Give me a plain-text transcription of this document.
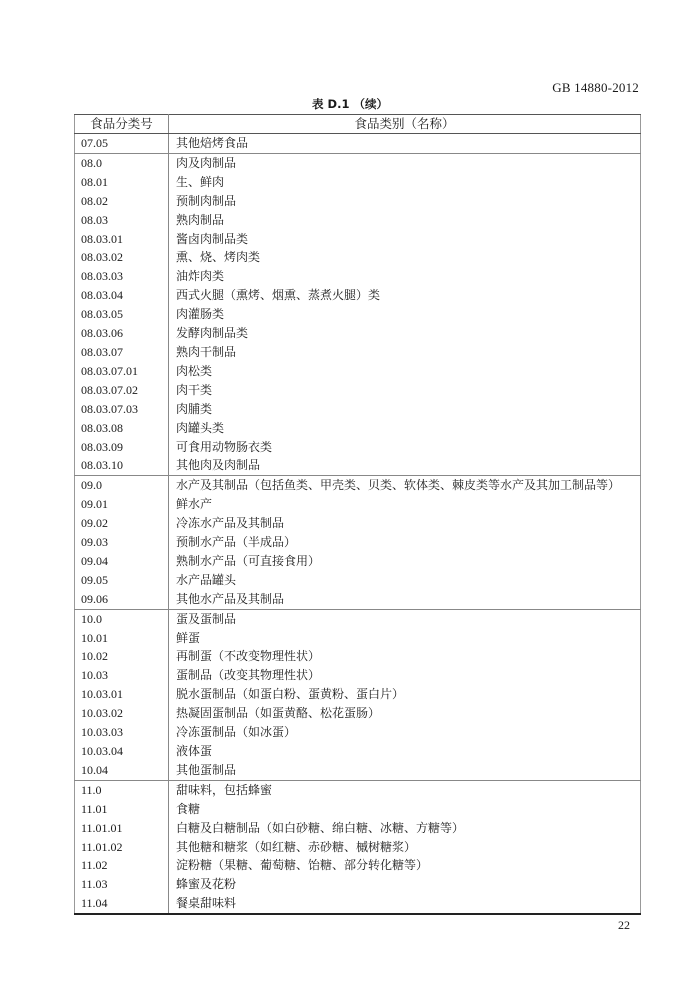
GB 14880-2012
表 D.1 （续）
食品分类号	食品类别（名称）
07.05	其他焙烤食品
08.0	肉及肉制品
08.01	生、鲜肉
08.02	预制肉制品
08.03	熟肉制品
08.03.01	酱卤肉制品类
08.03.02	熏、烧、烤肉类
08.03.03	油炸肉类
08.03.04	西式火腿（熏烤、烟熏、蒸煮火腿）类
08.03.05	肉灌肠类
08.03.06	发酵肉制品类
08.03.07	熟肉干制品
08.03.07.01	肉松类
08.03.07.02	肉干类
08.03.07.03	肉脯类
08.03.08	肉罐头类
08.03.09	可食用动物肠衣类
08.03.10	其他肉及肉制品
09.0	水产及其制品（包括鱼类、甲壳类、贝类、软体类、棘皮类等水产及其加工制品等）
09.01	鲜水产
09.02	冷冻水产品及其制品
09.03	预制水产品（半成品）
09.04	熟制水产品（可直接食用）
09.05	水产品罐头
09.06	其他水产品及其制品
10.0	蛋及蛋制品
10.01	鲜蛋
10.02	再制蛋（不改变物理性状）
10.03	蛋制品（改变其物理性状）
10.03.01	脱水蛋制品（如蛋白粉、蛋黄粉、蛋白片）
10.03.02	热凝固蛋制品（如蛋黄酪、松花蛋肠）
10.03.03	冷冻蛋制品（如冰蛋）
10.03.04	液体蛋
10.04	其他蛋制品
11.0	甜味料，包括蜂蜜
11.01	食糖
11.01.01	白糖及白糖制品（如白砂糖、绵白糖、冰糖、方糖等）
11.01.02	其他糖和糖浆（如红糖、赤砂糖、槭树糖浆）
11.02	淀粉糖（果糖、葡萄糖、饴糖、部分转化糖等）
11.03	蜂蜜及花粉
11.04	餐桌甜味料
22
